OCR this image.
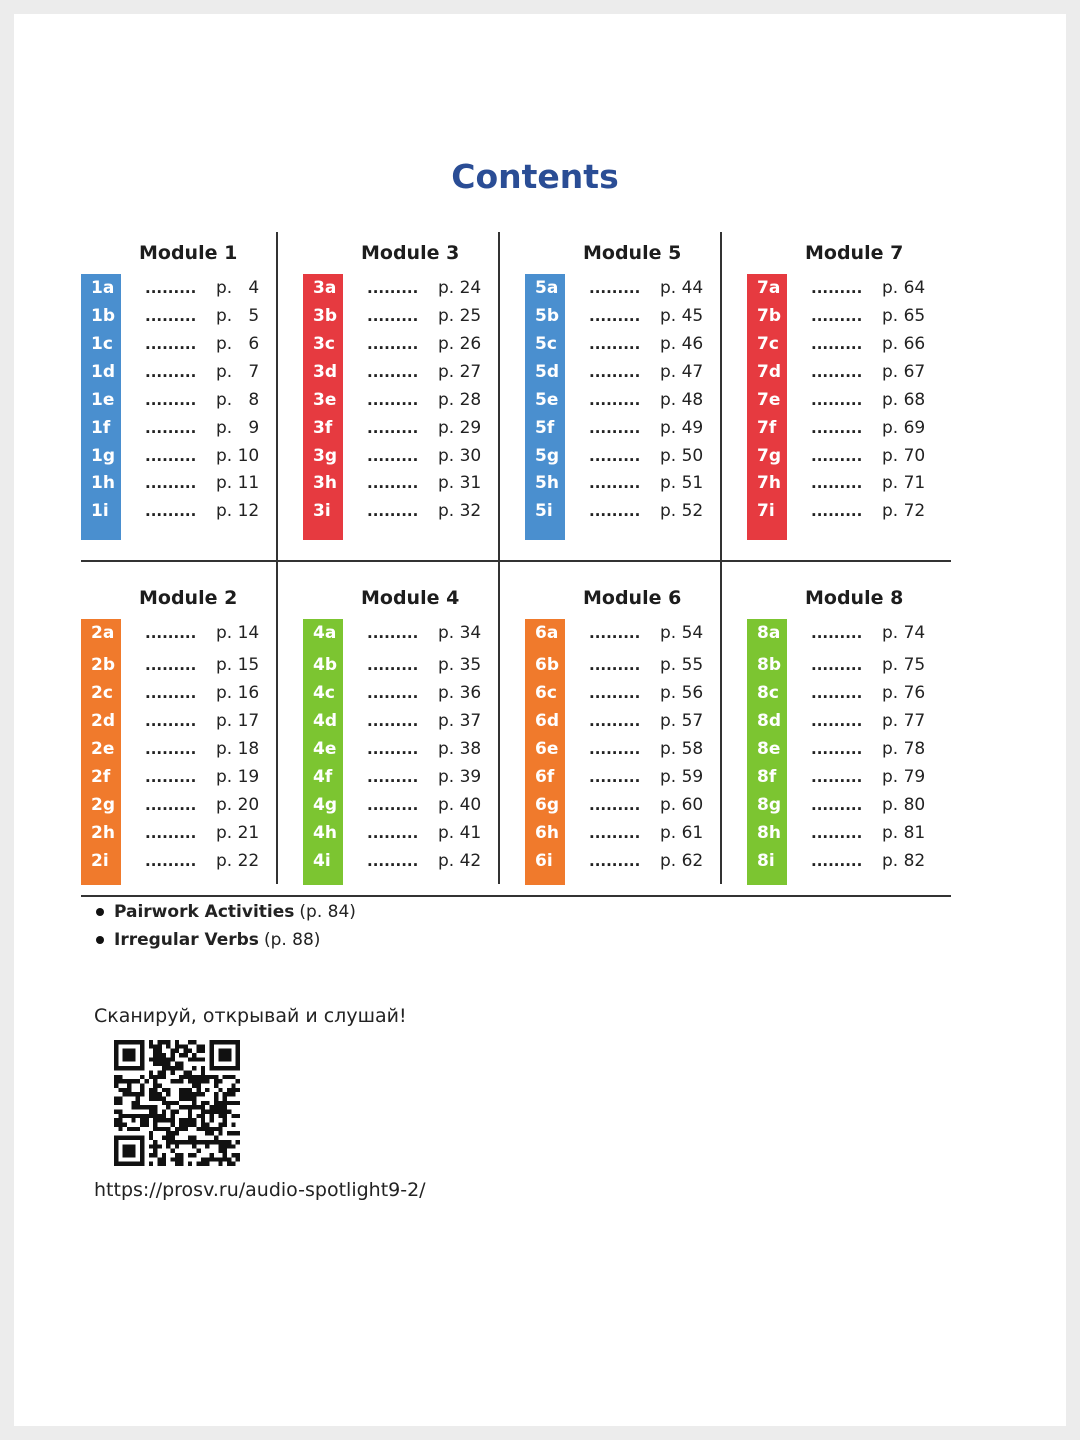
Contents
Module 1
1a	......... p.   4
1b	......... p.   5
1c	......... p.   6
1d	......... p.   7
1e	......... p.   8
1f	......... p.   9
1g	......... p. 10
1h	......... p. 11
1i	......... p. 12
Module 3
3a	......... p. 24
3b	......... p. 25
3c	......... p. 26
3d	......... p. 27
3e	......... p. 28
3f	......... p. 29
3g	......... p. 30
3h	......... p. 31
3i	......... p. 32
Module 5
5a	......... p. 44
5b	......... p. 45
5c	......... p. 46
5d	......... p. 47
5e	......... p. 48
5f	......... p. 49
5g	......... p. 50
5h	......... p. 51
5i	......... p. 52
Module 7
7a	......... p. 64
7b	......... p. 65
7c	......... p. 66
7d	......... p. 67
7e	......... p. 68
7f	......... p. 69
7g	......... p. 70
7h	......... p. 71
7i	......... p. 72
Module 2
2a	......... p. 14
2b	......... p. 15
2c	......... p. 16
2d	......... p. 17
2e	......... p. 18
2f	......... p. 19
2g	......... p. 20
2h	......... p. 21
2i	......... p. 22
Module 4
4a	......... p. 34
4b	......... p. 35
4c	......... p. 36
4d	......... p. 37
4e	......... p. 38
4f	......... p. 39
4g	......... p. 40
4h	......... p. 41
4i	......... p. 42
Module 6
6a	......... p. 54
6b	......... p. 55
6c	......... p. 56
6d	......... p. 57
6e	......... p. 58
6f	......... p. 59
6g	......... p. 60
6h	......... p. 61
6i	......... p. 62
Module 8
8a	......... p. 74
8b	......... p. 75
8c	......... p. 76
8d	......... p. 77
8e	......... p. 78
8f	......... p. 79
8g	......... p. 80
8h	......... p. 81
8i	......... p. 82
Pairwork Activities (p. 84)
Irregular Verbs (p. 88)
Сканируй, открывай и слушай!
https://prosv.ru/audio-spotlight9-2/
